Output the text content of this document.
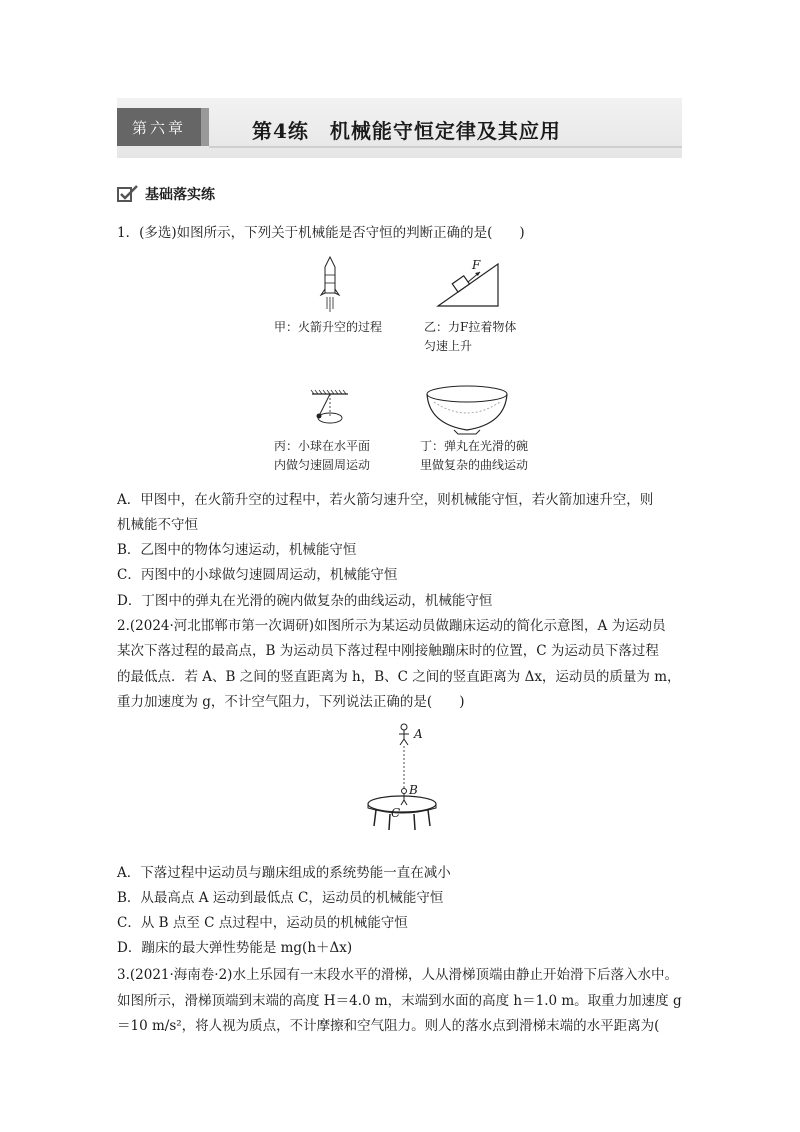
第六章	第4练　机械能守恒定律及其应用
基础落实练
1．(多选)如图所示，下列关于机械能是否守恒的判断正确的是(　　)
甲：火箭升空的过程
F
乙：力F拉着物体
匀速上升
丙：小球在水平面
内做匀速圆周运动
丁：弹丸在光滑的碗
里做复杂的曲线运动
A．甲图中，在火箭升空的过程中，若火箭匀速升空，则机械能守恒，若火箭加速升空，则
机械能不守恒
B．乙图中的物体匀速运动，机械能守恒
C．丙图中的小球做匀速圆周运动，机械能守恒
D．丁图中的弹丸在光滑的碗内做复杂的曲线运动，机械能守恒
2.(2024·河北邯郸市第一次调研)如图所示为某运动员做蹦床运动的简化示意图，A 为运动员
某次下落过程的最高点，B 为运动员下落过程中刚接触蹦床时的位置，C 为运动员下落过程
的最低点．若 A、B 之间的竖直距离为 h，B、C 之间的竖直距离为 Δx，运动员的质量为 m，
重力加速度为 g，不计空气阻力，下列说法正确的是(　　)
A
B
C
A．下落过程中运动员与蹦床组成的系统势能一直在减小
B．从最高点 A 运动到最低点 C，运动员的机械能守恒
C．从 B 点至 C 点过程中，运动员的机械能守恒
D．蹦床的最大弹性势能是 mg(h＋Δx)
3.(2021·海南卷·2)水上乐园有一末段水平的滑梯，人从滑梯顶端由静止开始滑下后落入水中。
如图所示，滑梯顶端到末端的高度 H＝4.0 m，末端到水面的高度 h＝1.0 m。取重力加速度 g
＝10 m/s²，将人视为质点，不计摩擦和空气阻力。则人的落水点到滑梯末端的水平距离为(
